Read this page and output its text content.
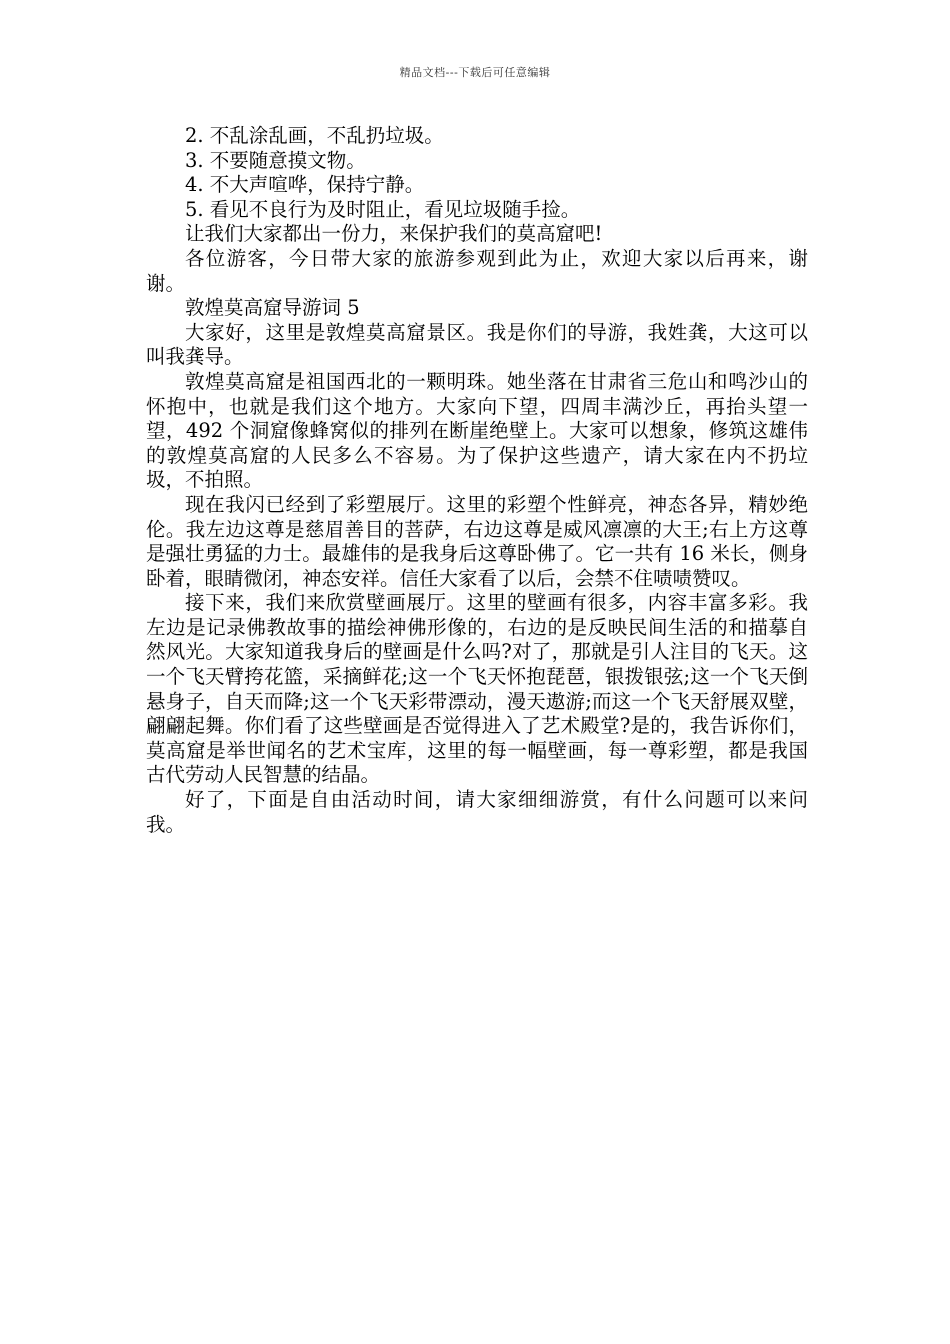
精品文档---下载后可任意编辑

2. 不乱涂乱画，不乱扔垃圾。

3. 不要随意摸文物。

4. 不大声喧哗，保持宁静。

5. 看见不良行为及时阻止，看见垃圾随手捡。

让我们大家都出一份力，来保护我们的莫高窟吧!

各位游客，今日带大家的旅游参观到此为止，欢迎大家以后再来，谢谢。

敦煌莫高窟导游词 5

大家好，这里是敦煌莫高窟景区。我是你们的导游，我姓龚，大这可以叫我龚导。

敦煌莫高窟是祖国西北的一颗明珠。她坐落在甘肃省三危山和鸣沙山的怀抱中，也就是我们这个地方。大家向下望，四周丰满沙丘，再抬头望一望，492 个洞窟像蜂窝似的排列在断崖绝壁上。大家可以想象，修筑这雄伟的敦煌莫高窟的人民多么不容易。为了保护这些遗产，请大家在内不扔垃圾，不拍照。

现在我闪已经到了彩塑展厅。这里的彩塑个性鲜亮，神态各异，精妙绝伦。我左边这尊是慈眉善目的菩萨，右边这尊是威风凛凛的大王;右上方这尊是强壮勇猛的力士。最雄伟的是我身后这尊卧佛了。它一共有 16 米长，侧身卧着，眼睛微闭，神态安祥。信任大家看了以后，会禁不住啧啧赞叹。

接下来，我们来欣赏壁画展厅。这里的壁画有很多，内容丰富多彩。我左边是记录佛教故事的描绘神佛形像的，右边的是反映民间生活的和描摹自然风光。大家知道我身后的壁画是什么吗?对了，那就是引人注目的飞天。这一个飞天臂挎花篮，采摘鲜花;这一个飞天怀抱琵琶，银拨银弦;这一个飞天倒悬身子，自天而降;这一个飞天彩带漂动，漫天遨游;而这一个飞天舒展双壁，翩翩起舞。你们看了这些壁画是否觉得进入了艺术殿堂?是的，我告诉你们，莫高窟是举世闻名的艺术宝库，这里的每一幅壁画，每一尊彩塑，都是我国古代劳动人民智慧的结晶。

好了，下面是自由活动时间，请大家细细游赏，有什么问题可以来问我。
